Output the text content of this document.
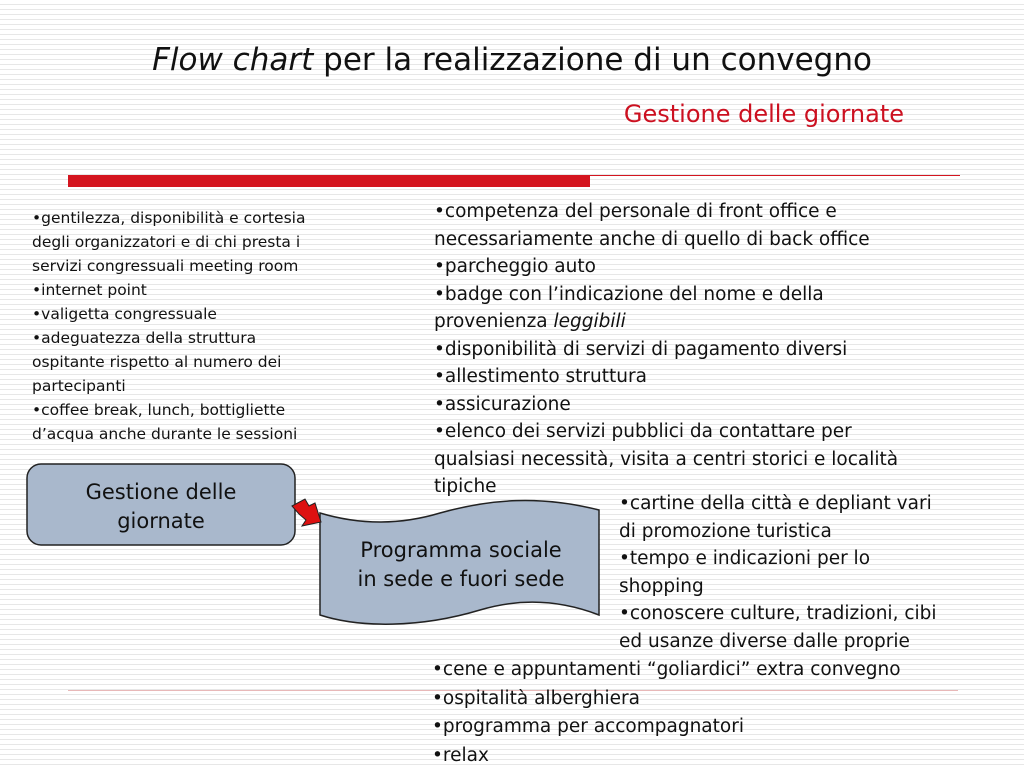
Flow chart per la realizzazione di un convegno
Gestione delle giornate
•gentilezza, disponibilità e cortesia
degli organizzatori e di chi presta i
servizi congressuali meeting room
•internet point
•valigetta congressuale
•adeguatezza della struttura
ospitante rispetto al numero dei
partecipanti
•coffee break, lunch, bottigliette
d’acqua anche durante le sessioni
•competenza del personale di front office e
necessariamente anche di quello di back office
•parcheggio auto
•badge con l’indicazione del nome e della
provenienza leggibili
•disponibilità di servizi di pagamento diversi
•allestimento struttura
•assicurazione
•elenco dei servizi pubblici da contattare per
qualsiasi necessità, visita a centri storici e località
tipiche
Gestione delle
giornate
Programma sociale
in sede e fuori sede
•cartine della città e depliant vari
di promozione turistica
•tempo e indicazioni per lo
shopping
•conoscere culture, tradizioni, cibi
ed usanze diverse dalle proprie
•cene e appuntamenti “goliardici” extra convegno
•ospitalità alberghiera
•programma per accompagnatori
•relax
